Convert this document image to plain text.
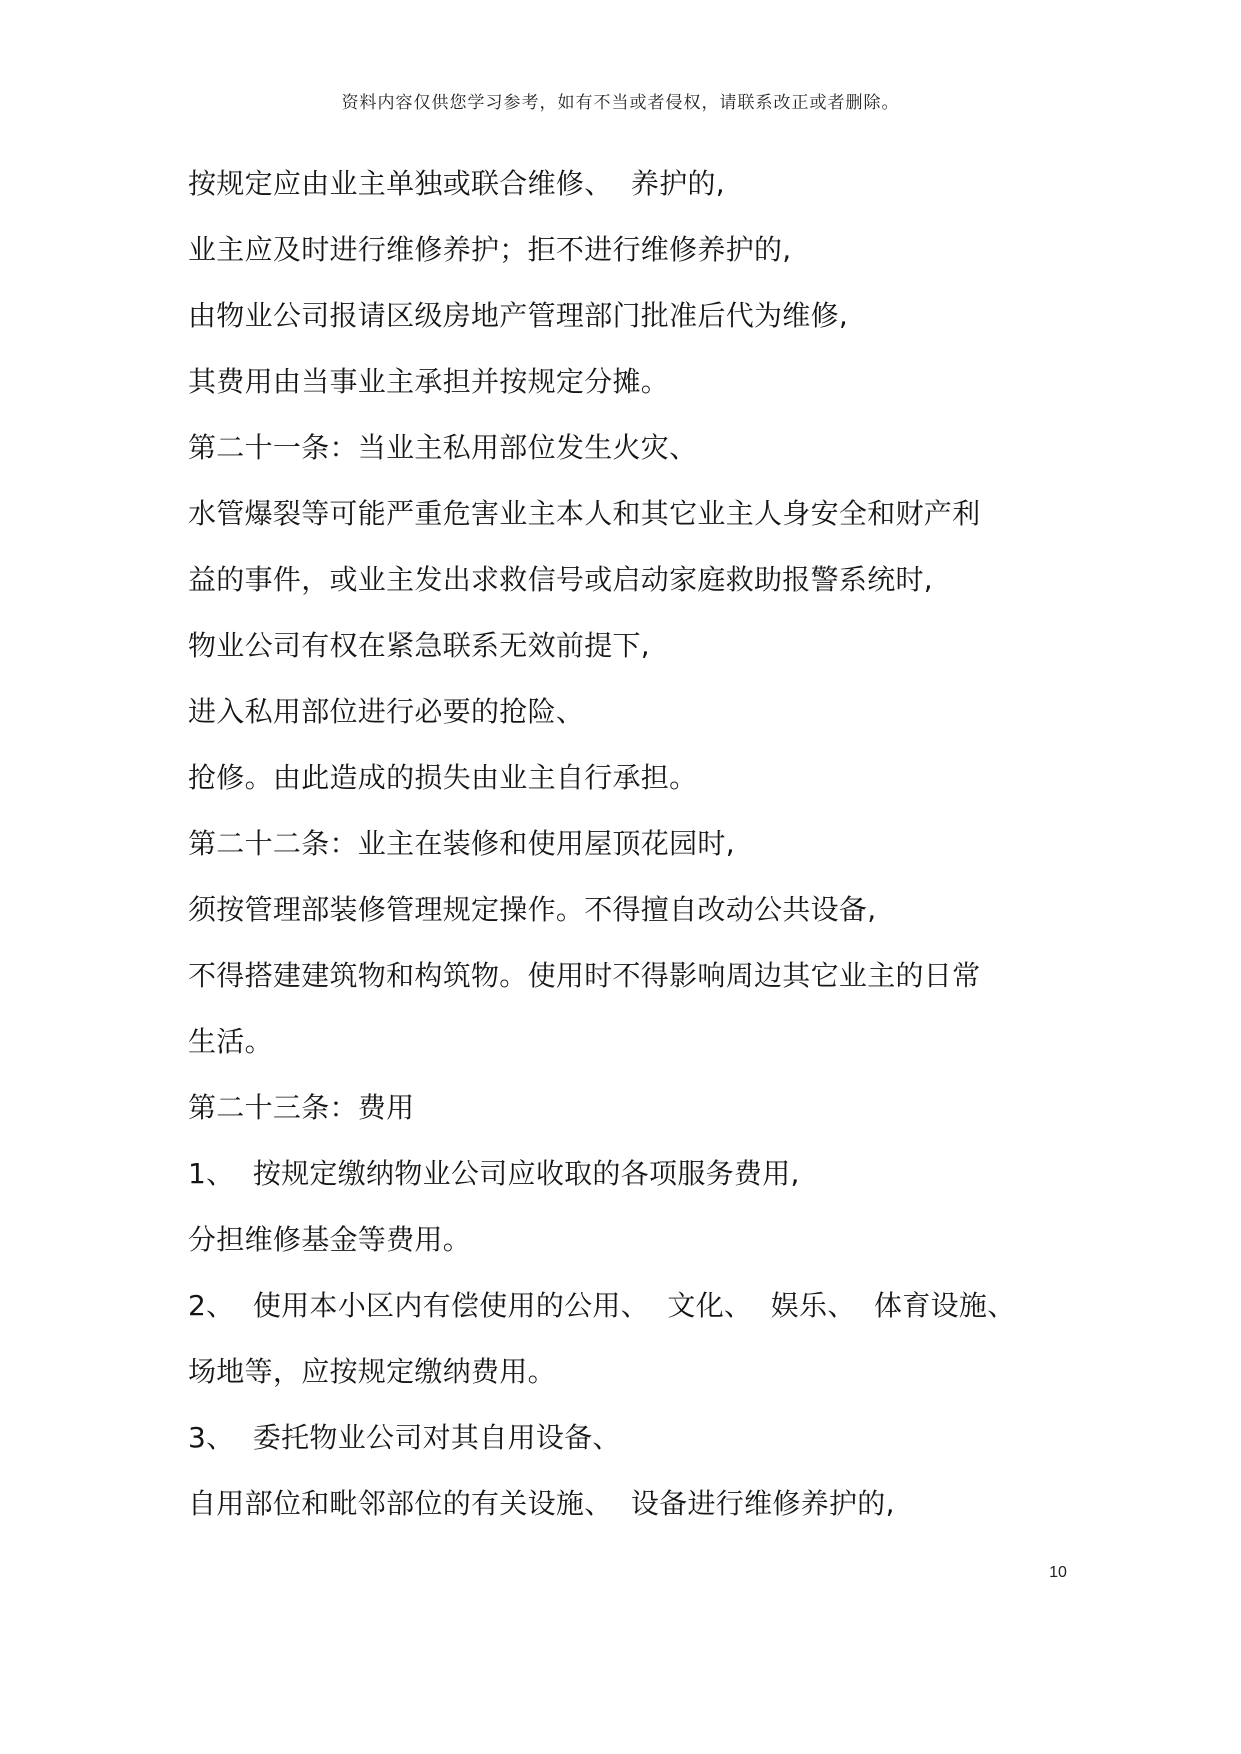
资料内容仅供您学习参考，如有不当或者侵权，请联系改正或者删除。
按规定应由业主单独或联合维修、  养护的,
业主应及时进行维修养护；拒不进行维修养护的,
由物业公司报请区级房地产管理部门批准后代为维修,
其费用由当事业主承担并按规定分摊。
第二十一条：当业主私用部位发生火灾、
水管爆裂等可能严重危害业主本人和其它业主人身安全和财产利
益的事件，或业主发出求救信号或启动家庭救助报警系统时,
物业公司有权在紧急联系无效前提下,
进入私用部位进行必要的抢险、
抢修。由此造成的损失由业主自行承担。
第二十二条：业主在装修和使用屋顶花园时,
须按管理部装修管理规定操作。不得擅自改动公共设备,
不得搭建建筑物和构筑物。使用时不得影响周边其它业主的日常
生活。
第二十三条：费用
1、  按规定缴纳物业公司应收取的各项服务费用,
分担维修基金等费用。
2、  使用本小区内有偿使用的公用、  文化、  娱乐、  体育设施、
场地等，应按规定缴纳费用。
3、  委托物业公司对其自用设备、
自用部位和毗邻部位的有关设施、  设备进行维修养护的,
10
